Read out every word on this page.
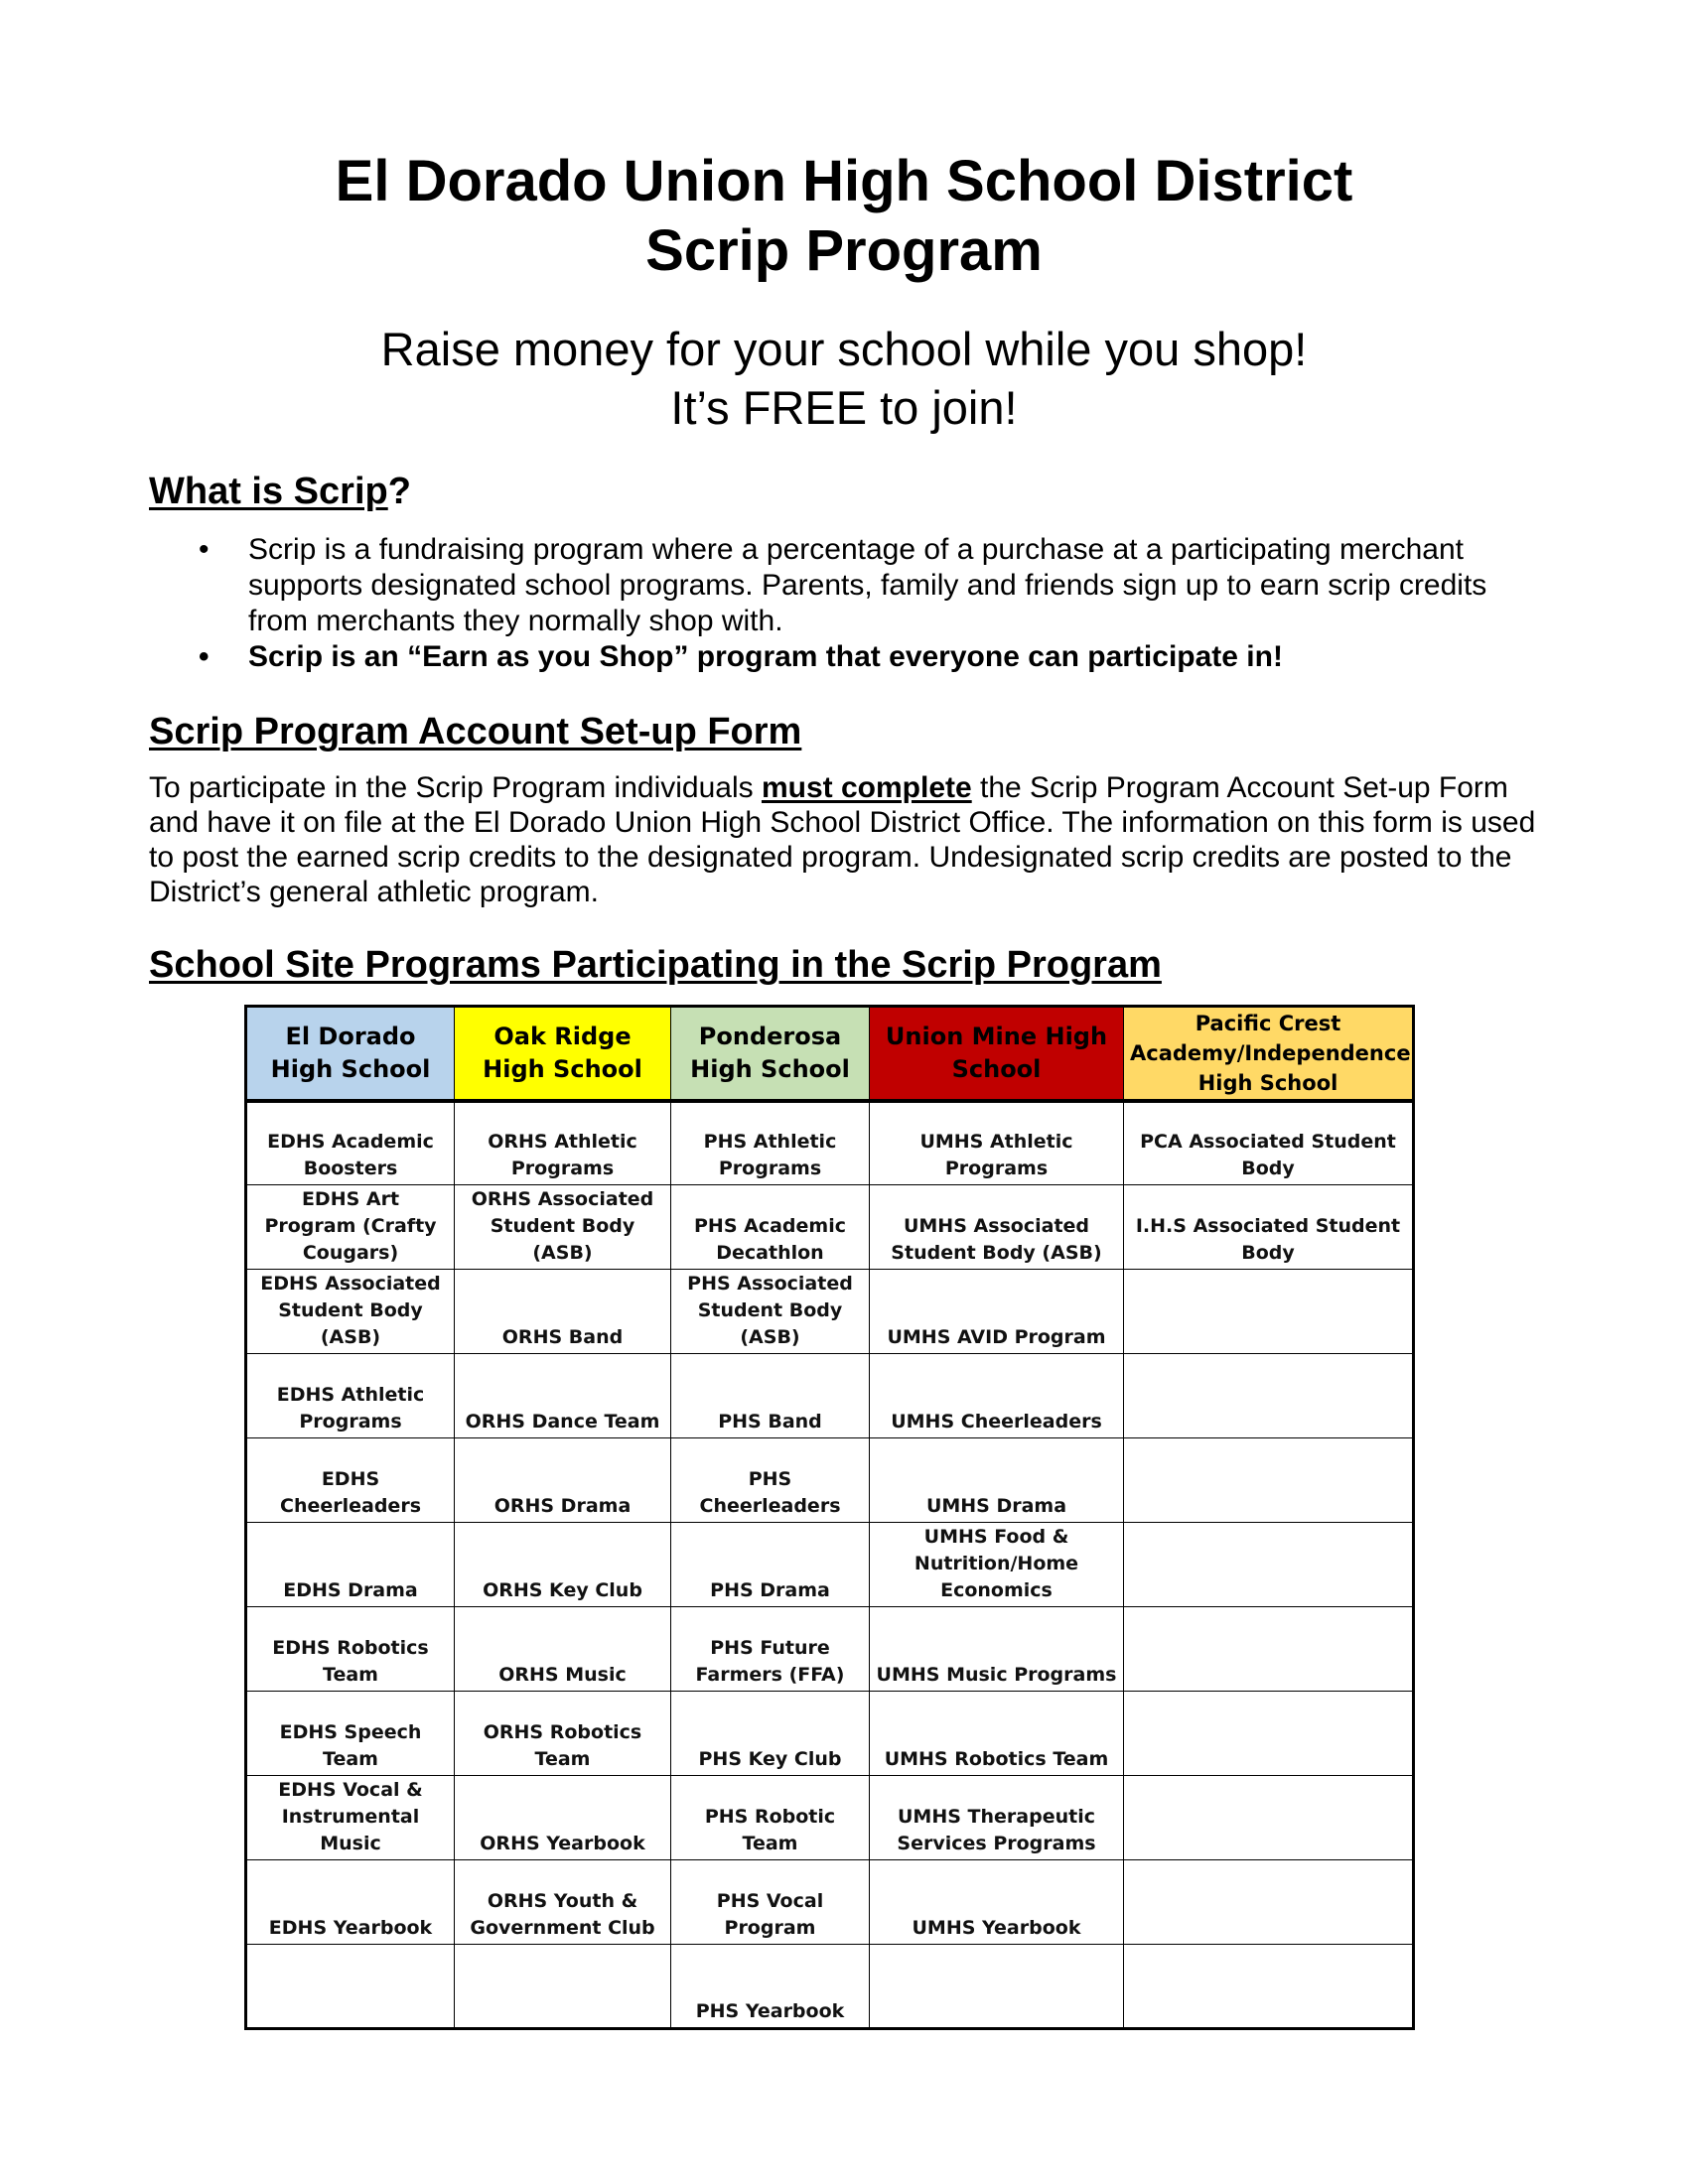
El Dorado Union High School District
Scrip Program
Raise money for your school while you shop!
It’s FREE to join!
What is Scrip?
• Scrip is a fundraising program where a percentage of a purchase at a participating merchant supports designated school programs. Parents, family and friends sign up to earn scrip credits from merchants they normally shop with.
• Scrip is an “Earn as you Shop” program that everyone can participate in!
Scrip Program Account Set-up Form
To participate in the Scrip Program individuals must complete the Scrip Program Account Set-up Form and have it on file at the El Dorado Union High School District Office. The information on this form is used to post the earned scrip credits to the designated program. Undesignated scrip credits are posted to the District’s general athletic program.
School Site Programs Participating in the Scrip Program
El Dorado High School	Oak Ridge High School	Ponderosa High School	Union Mine High School	Pacific Crest Academy/Independence High School
EDHS Academic Boosters	ORHS Athletic Programs	PHS Athletic Programs	UMHS Athletic Programs	PCA Associated Student Body
EDHS Art Program (Crafty Cougars)	ORHS Associated Student Body (ASB)	PHS Academic Decathlon	UMHS Associated Student Body (ASB)	I.H.S Associated Student Body
EDHS Associated Student Body (ASB)	ORHS Band	PHS Associated Student Body (ASB)	UMHS AVID Program	
EDHS Athletic Programs	ORHS Dance Team	PHS Band	UMHS Cheerleaders	
EDHS Cheerleaders	ORHS Drama	PHS Cheerleaders	UMHS Drama	
EDHS Drama	ORHS Key Club	PHS Drama	UMHS Food & Nutrition/Home Economics	
EDHS Robotics Team	ORHS Music	PHS Future Farmers (FFA)	UMHS Music Programs	
EDHS Speech Team	ORHS Robotics Team	PHS Key Club	UMHS Robotics Team	
EDHS Vocal & Instrumental Music	ORHS Yearbook	PHS Robotic Team	UMHS Therapeutic Services Programs	
EDHS Yearbook	ORHS Youth & Government Club	PHS Vocal Program	UMHS Yearbook	
		PHS Yearbook		
